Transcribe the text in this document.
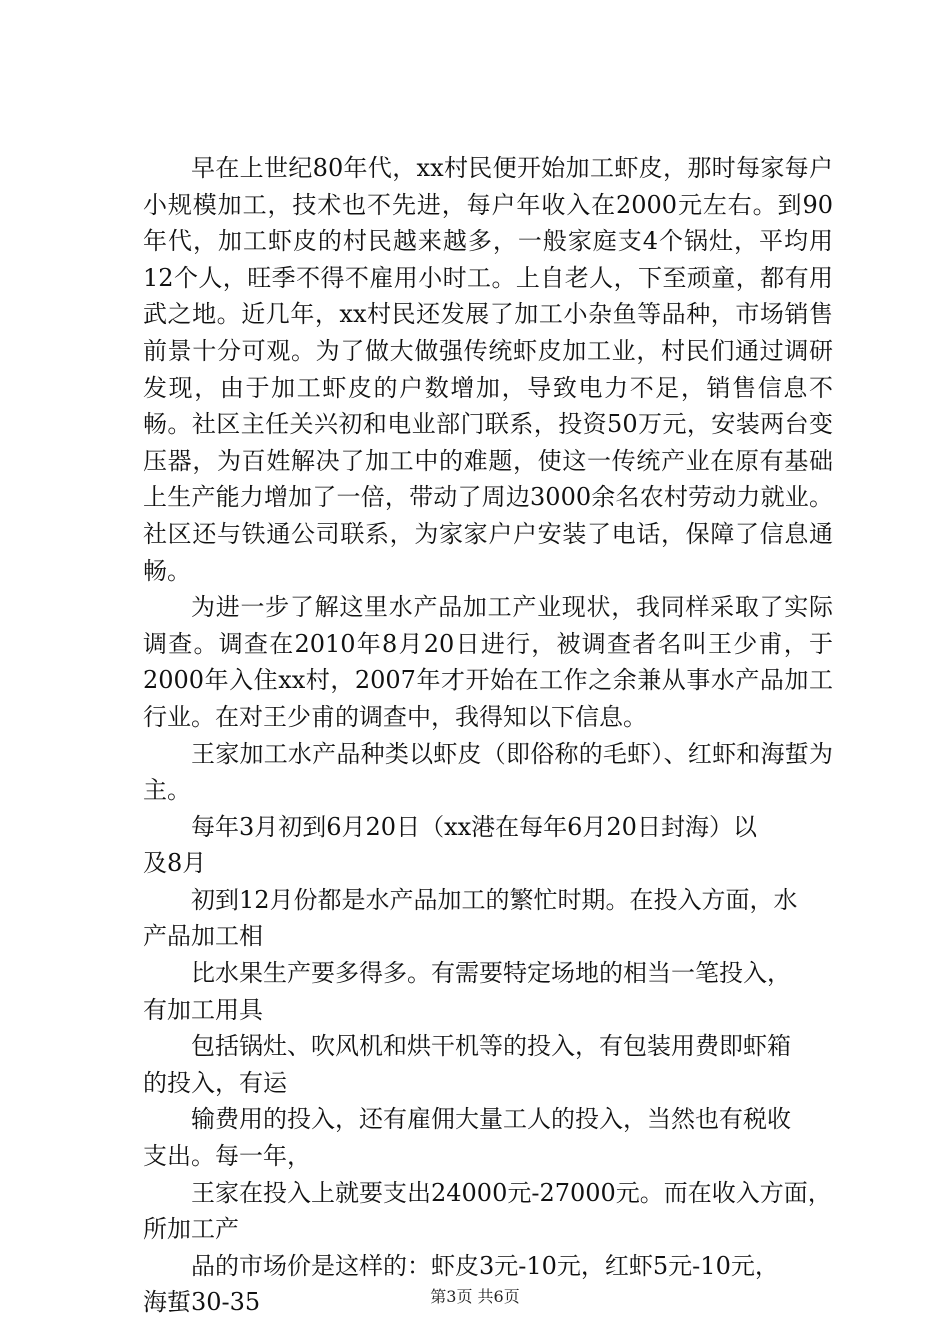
早在上世纪80年代，xx村民便开始加工虾皮，那时每家每户小规模加工，技术也不先进，每户年收入在2000元左右。到90年代，加工虾皮的村民越来越多，一般家庭支4个锅灶，平均用12个人，旺季不得不雇用小时工。上自老人，下至顽童，都有用武之地。近几年，xx村民还发展了加工小杂鱼等品种，市场销售前景十分可观。为了做大做强传统虾皮加工业，村民们通过调研发现，由于加工虾皮的户数增加，导致电力不足，销售信息不畅。社区主任关兴初和电业部门联系，投资50万元，安装两台变压器，为百姓解决了加工中的难题，使这一传统产业在原有基础上生产能力增加了一倍，带动了周边3000余名农村劳动力就业。社区还与铁通公司联系，为家家户户安装了电话，保障了信息通畅。

为进一步了解这里水产品加工产业现状，我同样采取了实际调查。调查在2010年8月20日进行，被调查者名叫王少甫，于2000年入住xx村，2007年才开始在工作之余兼从事水产品加工行业。在对王少甫的调查中，我得知以下信息。

王家加工水产品种类以虾皮（即俗称的毛虾）、红虾和海蜇为主。

每年3月初到6月20日（xx港在每年6月20日封海）以

及8月

初到12月份都是水产品加工的繁忙时期。在投入方面，水

产品加工相

比水果生产要多得多。有需要特定场地的相当一笔投入，

有加工用具

包括锅灶、吹风机和烘干机等的投入，有包装用费即虾箱

的投入，有运

输费用的投入，还有雇佣大量工人的投入，当然也有税收

支出。每一年，

王家在投入上就要支出24000元-27000元。而在收入方面，

所加工产

品的市场价是这样的：虾皮3元-10元，红虾5元-10元，

海蜇30-35	第3页 共6页
